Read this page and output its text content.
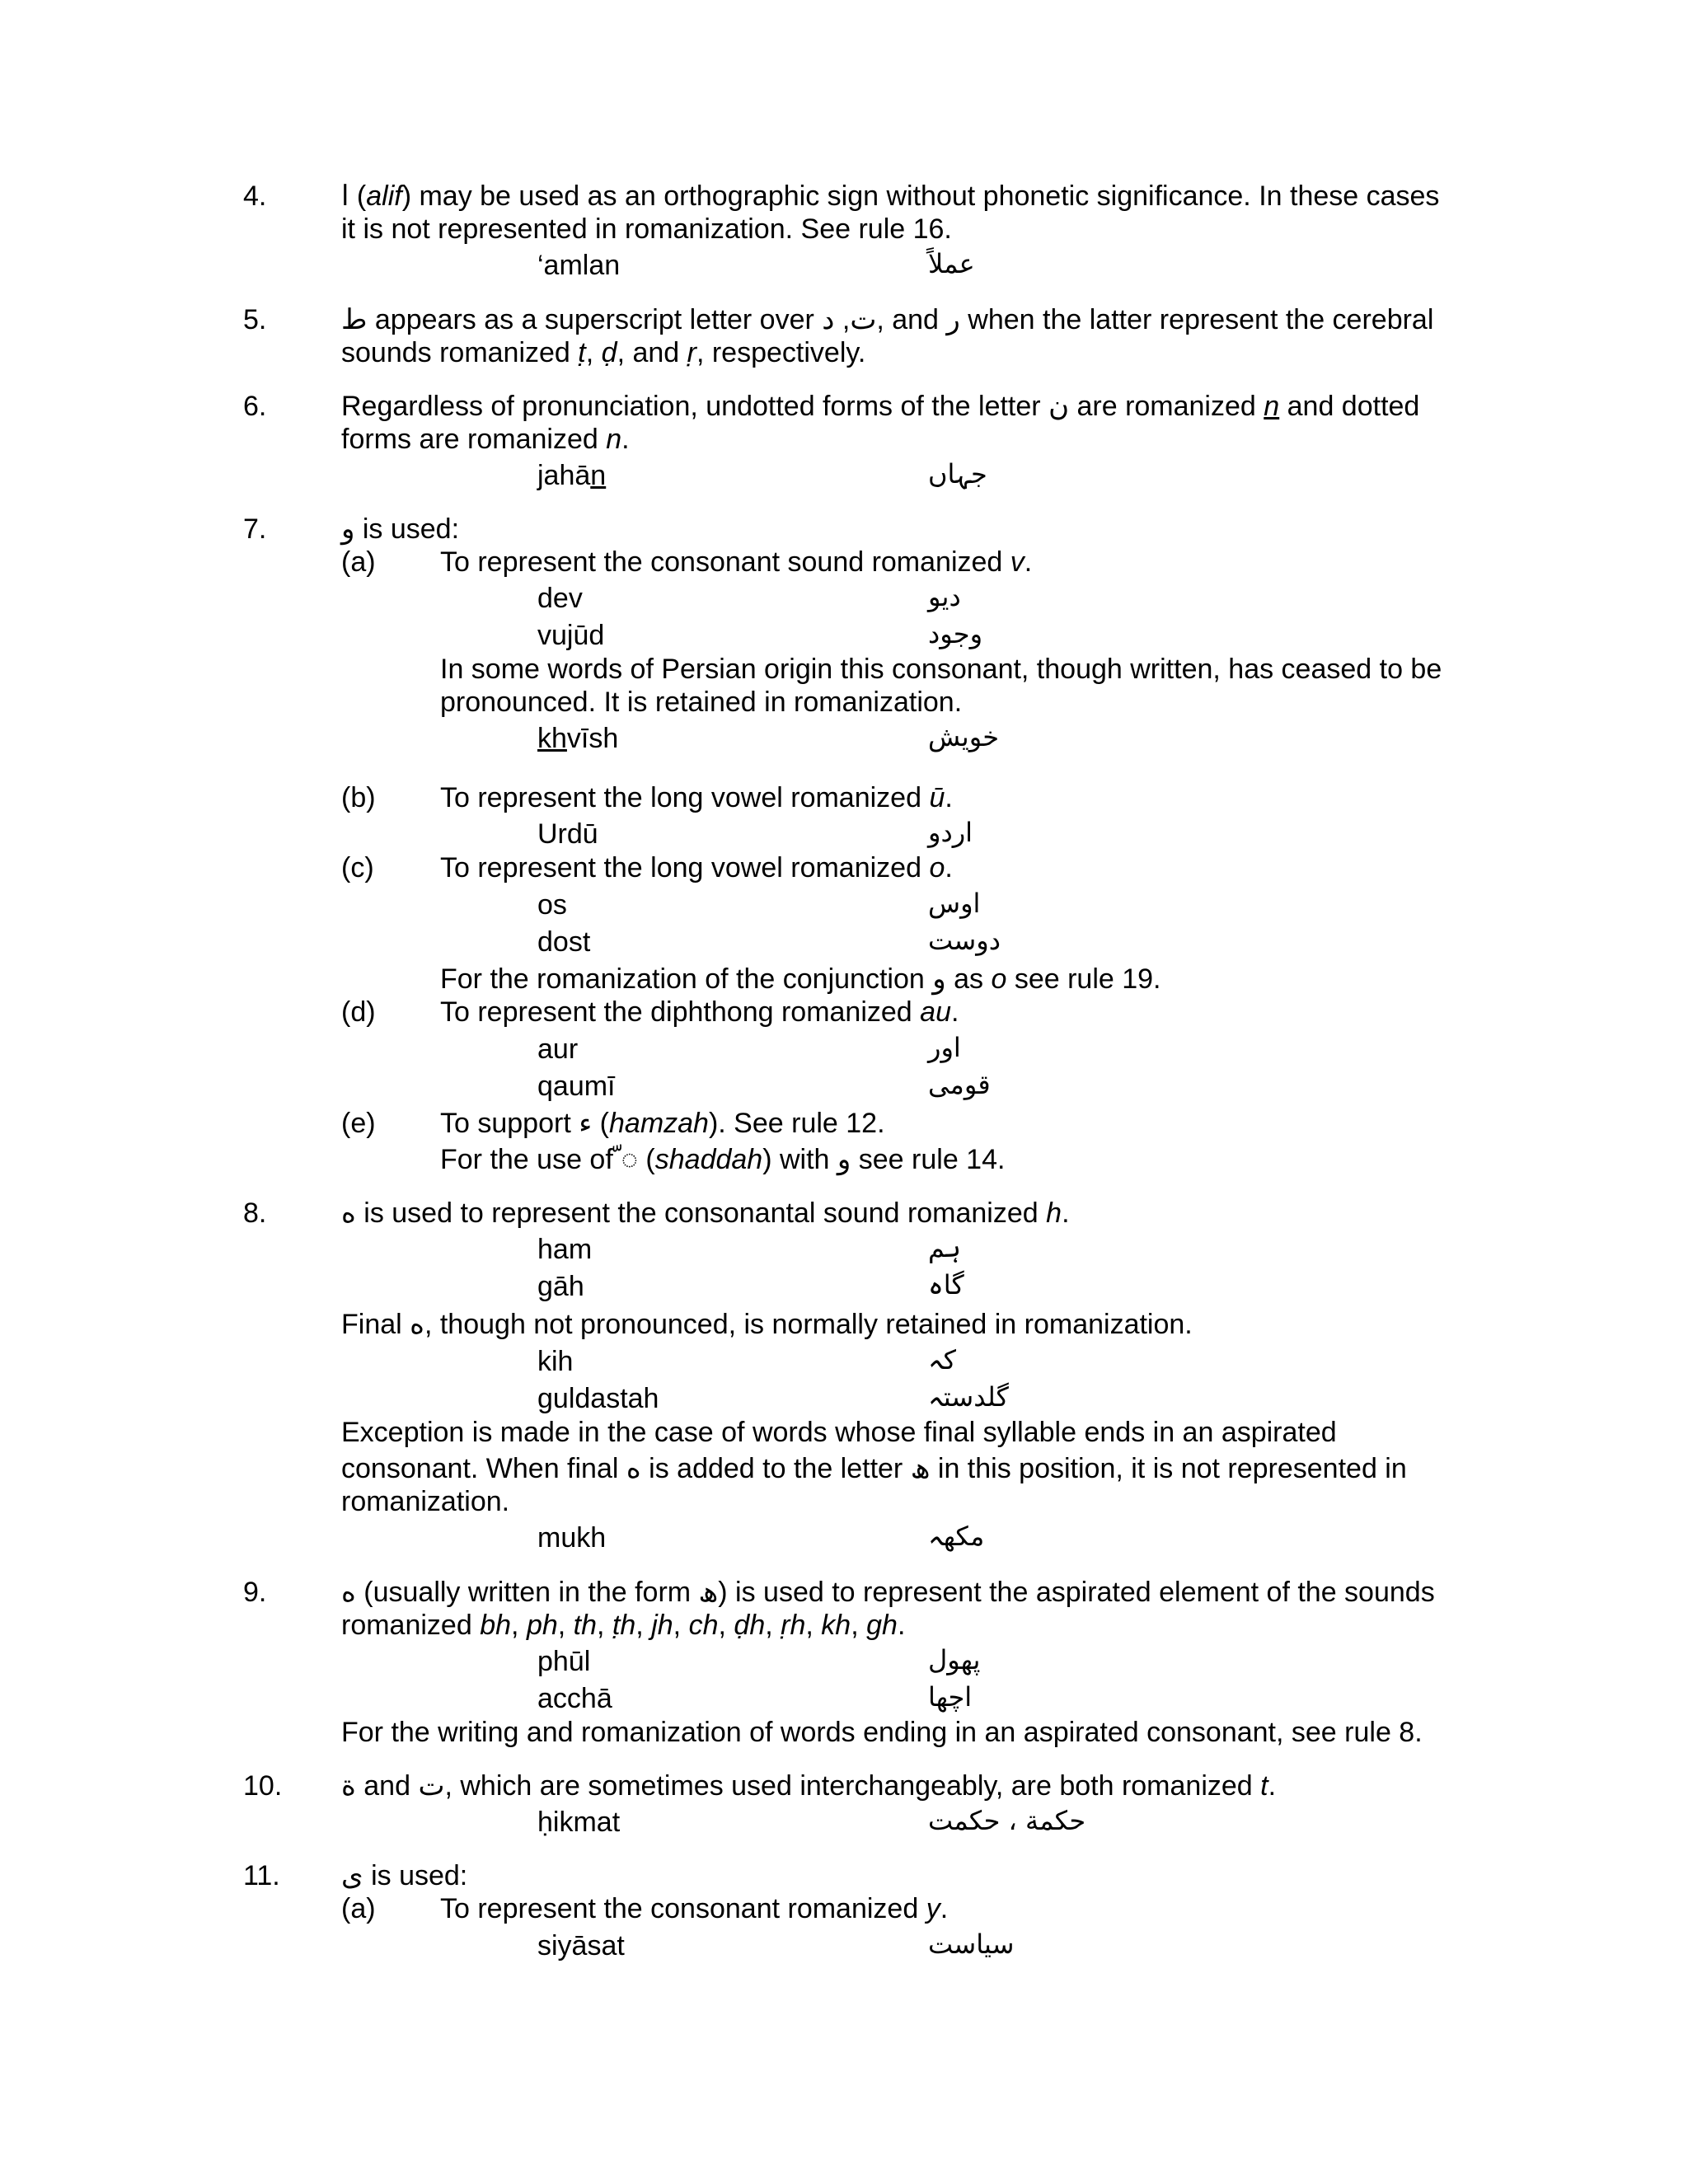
4.	ا (alif) may be used as an orthographic sign without phonetic significance. In these cases
it is not represented in romanization. See rule 16.
‘amlan	عملاً
5.	ط appears as a superscript letter over ت, د , and ر when the latter represent the cerebral
sounds romanized ṭ, ḍ, and ṛ, respectively.
6.	Regardless of pronunciation, undotted forms of the letter ن are romanized n and dotted
forms are romanized n.
jahān	جہاں
7.	و is used:
(a) To represent the consonant sound romanized v.
dev	دیو
vujūd	وجود
In some words of Persian origin this consonant, though written, has ceased to be
pronounced. It is retained in romanization.
khvīsh	خویش
(b) To represent the long vowel romanized ū.
Urdū	اردو
(c) To represent the long vowel romanized o.
os	اوس
dost	دوست
For the romanization of the conjunction و as o see rule 19.
(d) To represent the diphthong romanized au.
aur	اور
qaumī	قومی
(e) To support ء (hamzah). See rule 12.
For the use of ّ◌ (shaddah) with و see rule 14.
8.	ه is used to represent the consonantal sound romanized h.
ham	ہم
gāh	گاہ
Final ه, though not pronounced, is normally retained in romanization.
kih	کہ
guldastah	گلدستہ
Exception is made in the case of words whose final syllable ends in an aspirated
consonant. When final ه is added to the letter ھ in this position, it is not represented in
romanization.
mukh	مکھہ
9.	ه (usually written in the form ھ) is used to represent the aspirated element of the sounds
romanized bh, ph, th, ṭh, jh, ch, ḍh, ṛh, kh, gh.
phūl	پھول
acchā	اچھا
For the writing and romanization of words ending in an aspirated consonant, see rule 8.
10. ة and ت, which are sometimes used interchangeably, are both romanized t.
ḥikmat	حکمة ، حکمت
11. ی is used:
(a) To represent the consonant romanized y.
siyāsat	سیاست
